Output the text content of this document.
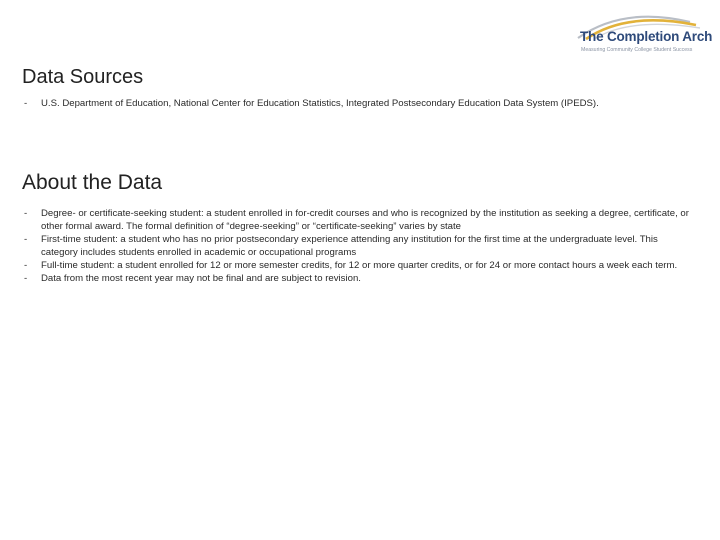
The Completion Arch
Measuring Community College Student Success
Data Sources
-	U.S. Department of Education, National Center for Education Statistics, Integrated Postsecondary Education Data System (IPEDS).
About the Data
-	Degree- or certificate-seeking student: a student enrolled in for-credit courses and who is recognized by the institution as seeking a degree, certificate, or other formal award. The formal definition of “degree-seeking” or “certificate-seeking” varies by state
-	First-time student: a student who has no prior postsecondary experience attending any institution for the first time at the undergraduate level. This category includes students enrolled in academic or occupational programs
-	Full-time student: a student enrolled for 12 or more semester credits, for 12 or more quarter credits, or for 24 or more contact hours a week each term.
-	Data from the most recent year may not be final and are subject to revision.
